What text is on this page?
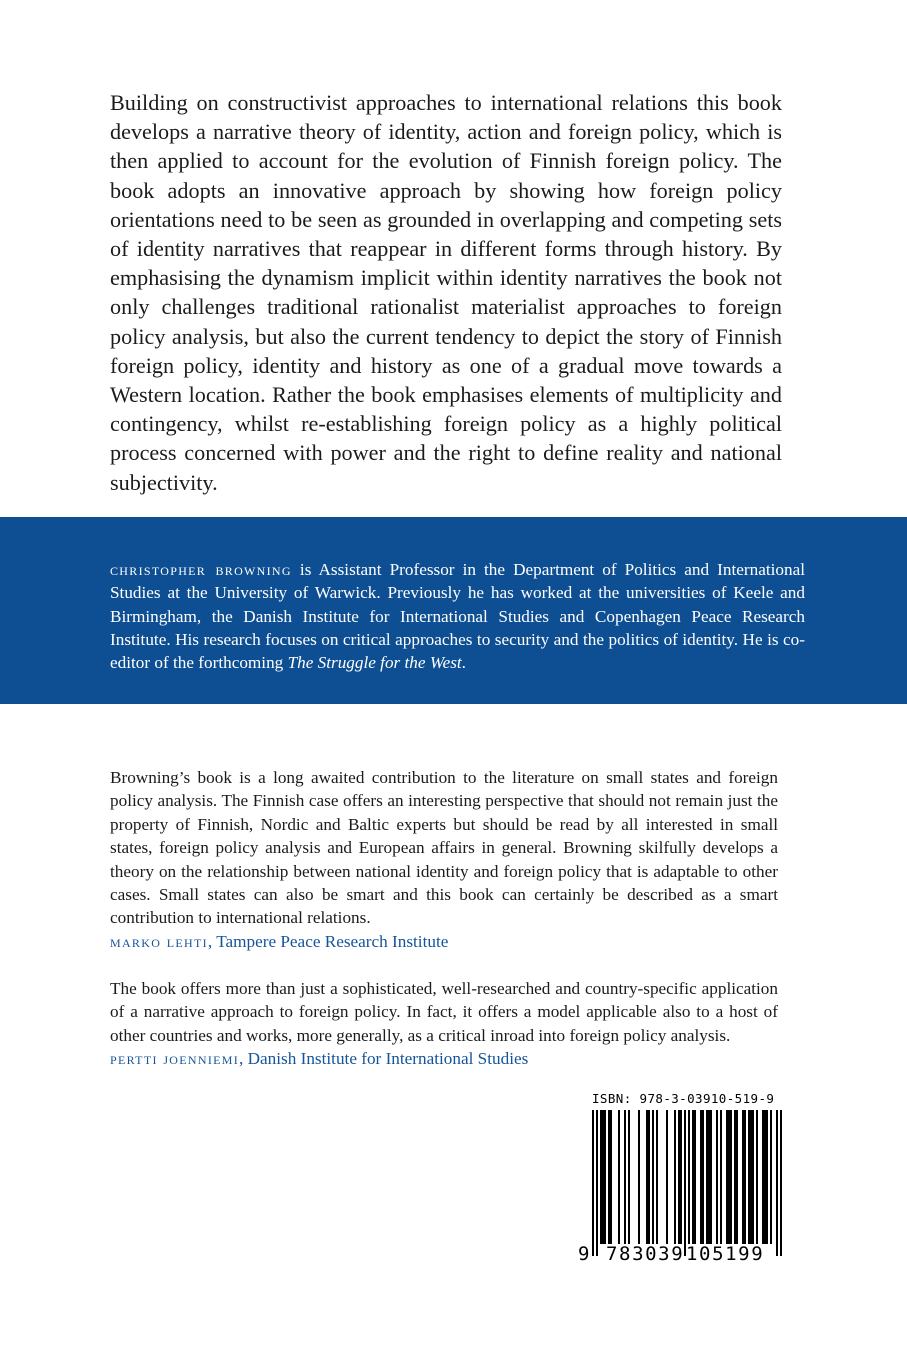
Building on constructivist approaches to international relations this book develops a narrative theory of identity, action and foreign policy, which is then applied to account for the evolution of Finnish foreign policy. The book adopts an innovative approach by showing how foreign policy orientations need to be seen as grounded in overlapping and competing sets of identity narratives that reappear in different forms through history. By emphasising the dynamism implicit within identity narratives the book not only challenges traditional rationalist materialist approaches to foreign policy analysis, but also the current tendency to depict the story of Finnish foreign policy, identity and history as one of a gradual move towards a Western location. Rather the book emphasises elements of multiplicity and contingency, whilst re-establishing foreign policy as a highly political process concerned with power and the right to define reality and national subjectivity.

christopher browning is Assistant Professor in the Department of Politics and International Studies at the University of Warwick. Previously he has worked at the universities of Keele and Birmingham, the Danish Institute for International Studies and Copenhagen Peace Research Institute. His research focuses on critical approaches to security and the politics of identity. He is co-editor of the forthcoming The Struggle for the West.

Browning’s book is a long awaited contribution to the literature on small states and foreign policy analysis. The Finnish case offers an interesting perspective that should not remain just the property of Finnish, Nordic and Baltic experts but should be read by all interested in small states, foreign policy analysis and European affairs in general. Browning skilfully develops a theory on the relationship between national identity and foreign policy that is adaptable to other cases. Small states can also be smart and this book can certainly be described as a smart contribution to international relations.

marko lehti, Tampere Peace Research Institute

The book offers more than just a sophisticated, well-researched and country-specific application of a narrative approach to foreign policy. In fact, it offers a model applicable also to a host of other countries and works, more generally, as a critical inroad into foreign policy analysis.

pertti joenniemi, Danish Institute for International Studies
ISBN: 978-3-03910-519-9
9 783039 105199
